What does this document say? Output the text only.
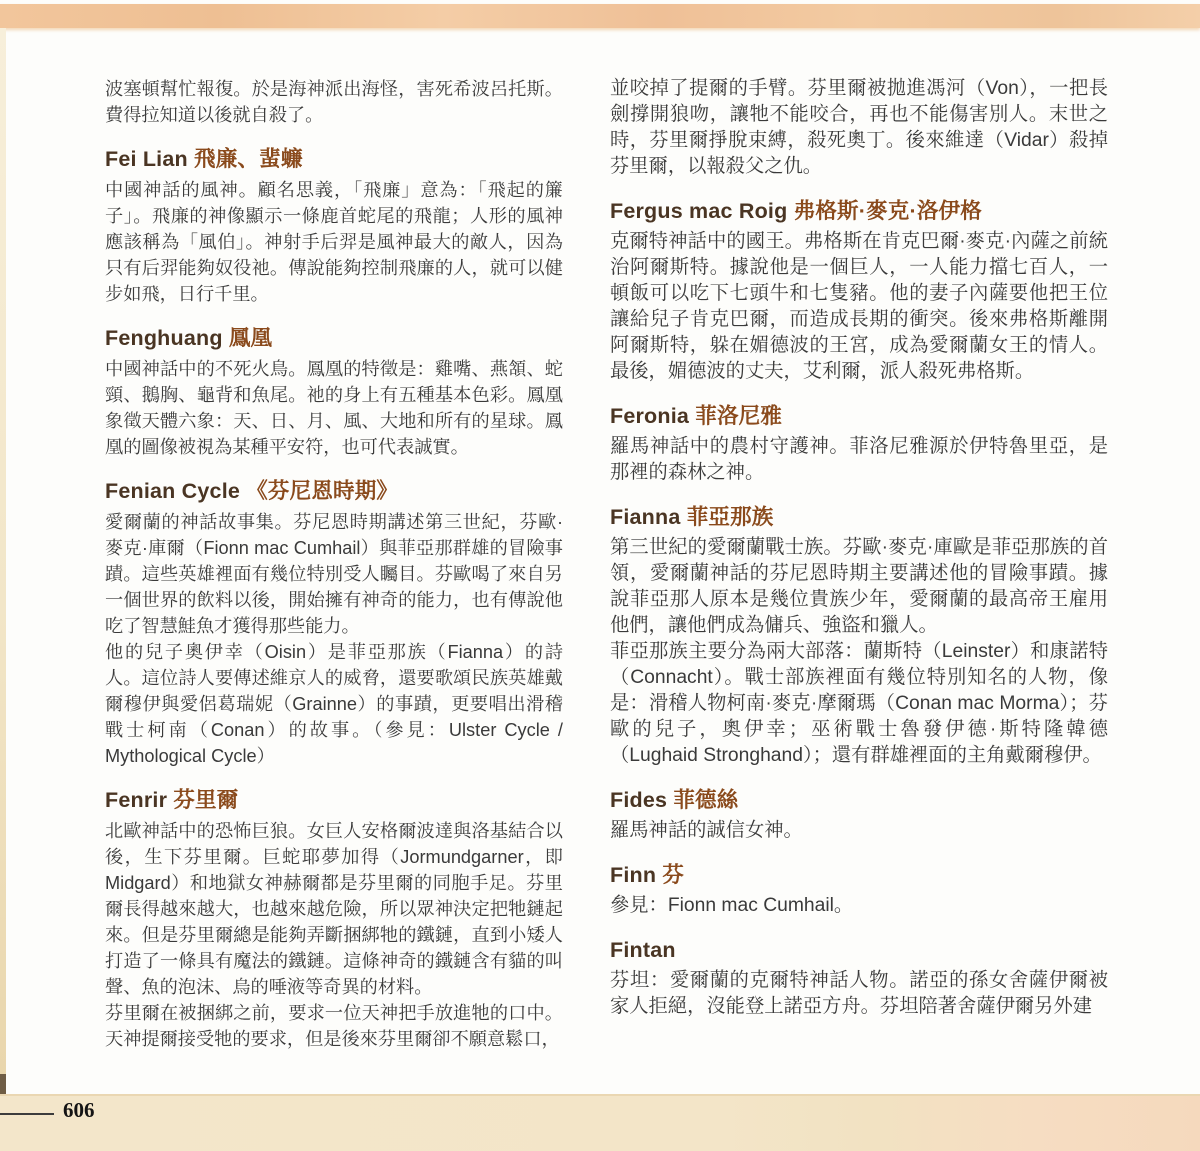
606

波塞頓幫忙報復。於是海神派出海怪，害死希波呂托斯。費得拉知道以後就自殺了。

Fei Lian 飛廉、蜚蠊

中國神話的風神。顧名思義，「飛廉」意為：「飛起的簾子」。飛廉的神像顯示一條鹿首蛇尾的飛龍；人形的風神應該稱為「風伯」。神射手后羿是風神最大的敵人，因為只有后羿能夠奴役祂。傳說能夠控制飛廉的人，就可以健步如飛，日行千里。

Fenghuang 鳳凰

中國神話中的不死火鳥。鳳凰的特徵是：雞嘴、燕頷、蛇頸、鵝胸、龜背和魚尾。祂的身上有五種基本色彩。鳳凰象徵天體六象：天、日、月、風、大地和所有的星球。鳳凰的圖像被視為某種平安符，也可代表誠實。

Fenian Cycle 《芬尼恩時期》

愛爾蘭的神話故事集。芬尼恩時期講述第三世紀，芬歐·麥克·庫爾（Fionn mac Cumhail）與菲亞那群雄的冒險事蹟。這些英雄裡面有幾位特別受人矚目。芬歐喝了來自另一個世界的飲料以後，開始擁有神奇的能力，也有傳說他吃了智慧鮭魚才獲得那些能力。

他的兒子奧伊幸（Oisin）是菲亞那族（Fianna）的詩人。這位詩人要傳述維京人的威脅，還要歌頌民族英雄戴爾穆伊與愛侶葛瑞妮（Grainne）的事蹟，更要唱出滑稽戰士柯南（Conan）的故事。（參見：Ulster Cycle / Mythological Cycle）

Fenrir 芬里爾

北歐神話中的恐怖巨狼。女巨人安格爾波達與洛基結合以後，生下芬里爾。巨蛇耶夢加得（Jormundgarner，即Midgard）和地獄女神赫爾都是芬里爾的同胞手足。芬里爾長得越來越大，也越來越危險，所以眾神決定把牠鏈起來。但是芬里爾總是能夠弄斷捆綁牠的鐵鏈，直到小矮人打造了一條具有魔法的鐵鏈。這條神奇的鐵鏈含有貓的叫聲、魚的泡沫、烏的唾液等奇異的材料。

芬里爾在被捆綁之前，要求一位天神把手放進牠的口中。天神提爾接受牠的要求，但是後來芬里爾卻不願意鬆口，

並咬掉了提爾的手臂。芬里爾被拋進馮河（Von），一把長劍撐開狼吻，讓牠不能咬合，再也不能傷害別人。末世之時，芬里爾掙脫束縛，殺死奧丁。後來維達（Vidar）殺掉芬里爾，以報殺父之仇。

Fergus mac Roig 弗格斯·麥克·洛伊格

克爾特神話中的國王。弗格斯在肯克巴爾·麥克·內薩之前統治阿爾斯特。據說他是一個巨人，一人能力擋七百人，一頓飯可以吃下七頭牛和七隻豬。他的妻子內薩要他把王位讓給兒子肯克巴爾，而造成長期的衝突。後來弗格斯離開阿爾斯特，躲在媚德波的王宮，成為愛爾蘭女王的情人。最後，媚德波的丈夫，艾利爾，派人殺死弗格斯。

Feronia 菲洛尼雅

羅馬神話中的農村守護神。菲洛尼雅源於伊特魯里亞，是那裡的森林之神。

Fianna 菲亞那族

第三世紀的愛爾蘭戰士族。芬歐·麥克·庫歐是菲亞那族的首領，愛爾蘭神話的芬尼恩時期主要講述他的冒險事蹟。據說菲亞那人原本是幾位貴族少年，愛爾蘭的最高帝王雇用他們，讓他們成為傭兵、強盜和獵人。

菲亞那族主要分為兩大部落：蘭斯特（Leinster）和康諾特（Connacht）。戰士部族裡面有幾位特別知名的人物，像是：滑稽人物柯南·麥克·摩爾瑪（Conan mac Morma）；芬歐的兒子，奧伊幸；巫術戰士魯發伊德·斯特隆韓德（Lughaid Stronghand）；還有群雄裡面的主角戴爾穆伊。

Fides 菲德絲

羅馬神話的誠信女神。

Finn 芬

參見：Fionn mac Cumhail。

Fintan

芬坦：愛爾蘭的克爾特神話人物。諾亞的孫女舍薩伊爾被家人拒絕，沒能登上諾亞方舟。芬坦陪著舍薩伊爾另外建
